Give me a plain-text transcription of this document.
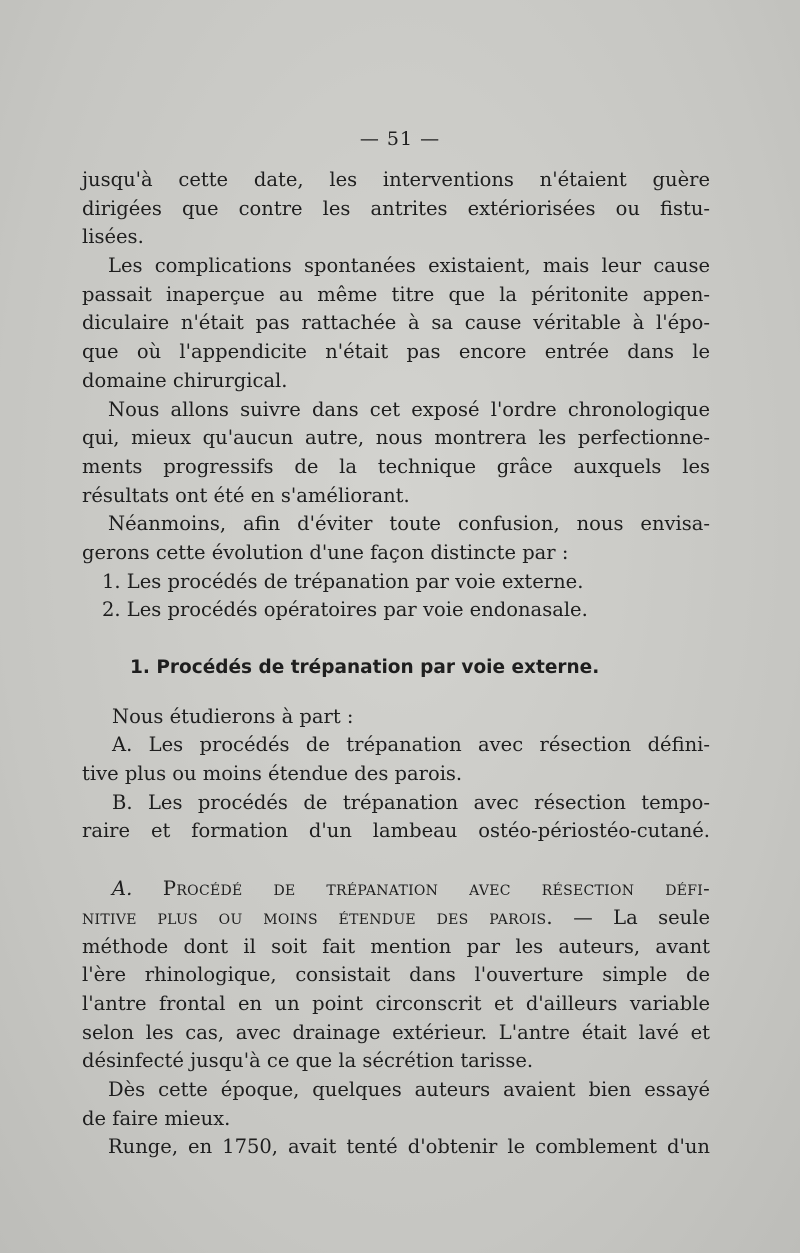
— 51 —
jusqu'à cette date, les interventions n'étaient guère
dirigées que contre les antrites extériorisées ou fistu-
lisées.
Les complications spontanées existaient, mais leur cause
passait inaperçue au même titre que la péritonite appen-
diculaire n'était pas rattachée à sa cause véritable à l'épo-
que où l'appendicite n'était pas encore entrée dans le
domaine chirurgical.
Nous allons suivre dans cet exposé l'ordre chronologique
qui, mieux qu'aucun autre, nous montrera les perfectionne-
ments progressifs de la technique grâce auxquels les
résultats ont été en s'améliorant.
Néanmoins, afin d'éviter toute confusion, nous envisa-
gerons cette évolution d'une façon distincte par :
1. Les procédés de trépanation par voie externe.
2. Les procédés opératoires par voie endonasale.
1. Procédés de trépanation par voie externe.
Nous étudierons à part :
A. Les procédés de trépanation avec résection défini-
tive plus ou moins étendue des parois.
B. Les procédés de trépanation avec résection tempo-
raire et formation d'un lambeau ostéo-périostéo-cutané.
A. Procédé de trépanation avec résection défi-
nitive plus ou moins étendue des parois. — La seule
méthode dont il soit fait mention par les auteurs, avant
l'ère rhinologique, consistait dans l'ouverture simple de
l'antre frontal en un point circonscrit et d'ailleurs variable
selon les cas, avec drainage extérieur. L'antre était lavé et
désinfecté jusqu'à ce que la sécrétion tarisse.
Dès cette époque, quelques auteurs avaient bien essayé
de faire mieux.
Runge, en 1750, avait tenté d'obtenir le comblement d'un
